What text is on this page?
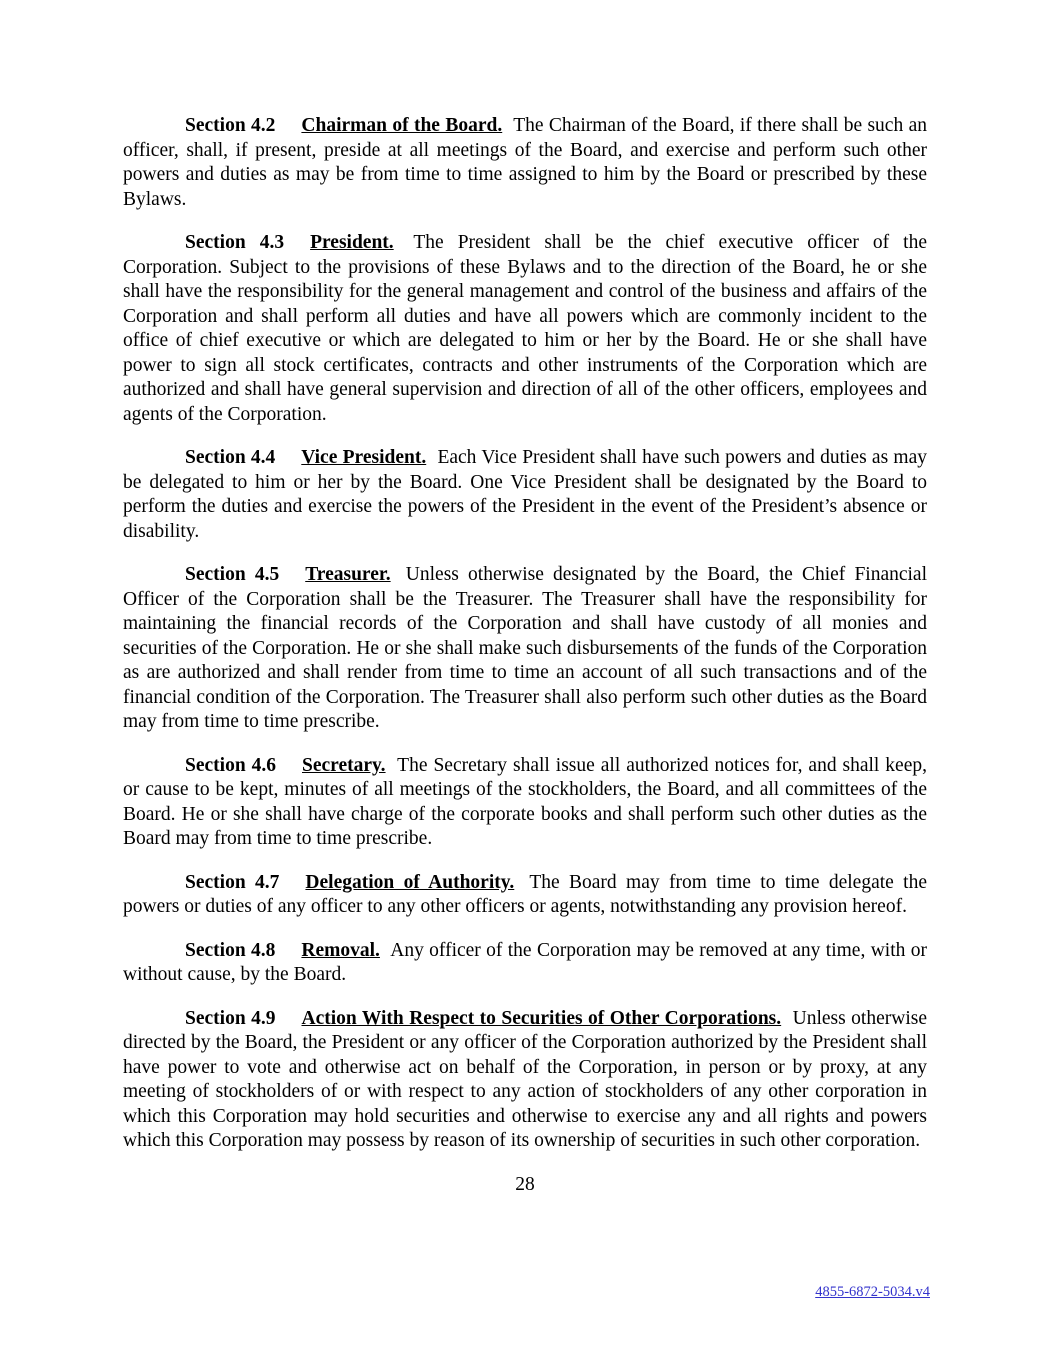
Section 4.2 Chairman of the Board. The Chairman of the Board, if there shall be such an officer, shall, if present, preside at all meetings of the Board, and exercise and perform such other powers and duties as may be from time to time assigned to him by the Board or prescribed by these Bylaws.

Section 4.3 President. The President shall be the chief executive officer of the Corporation. Subject to the provisions of these Bylaws and to the direction of the Board, he or she shall have the responsibility for the general management and control of the business and affairs of the Corporation and shall perform all duties and have all powers which are commonly incident to the office of chief executive or which are delegated to him or her by the Board. He or she shall have power to sign all stock certificates, contracts and other instruments of the Corporation which are authorized and shall have general supervision and direction of all of the other officers, employees and agents of the Corporation.

Section 4.4 Vice President. Each Vice President shall have such powers and duties as may be delegated to him or her by the Board. One Vice President shall be designated by the Board to perform the duties and exercise the powers of the President in the event of the President’s absence or disability.

Section 4.5 Treasurer. Unless otherwise designated by the Board, the Chief Financial Officer of the Corporation shall be the Treasurer. The Treasurer shall have the responsibility for maintaining the financial records of the Corporation and shall have custody of all monies and securities of the Corporation. He or she shall make such disbursements of the funds of the Corporation as are authorized and shall render from time to time an account of all such transactions and of the financial condition of the Corporation. The Treasurer shall also perform such other duties as the Board may from time to time prescribe.

Section 4.6 Secretary. The Secretary shall issue all authorized notices for, and shall keep, or cause to be kept, minutes of all meetings of the stockholders, the Board, and all committees of the Board. He or she shall have charge of the corporate books and shall perform such other duties as the Board may from time to time prescribe.

Section 4.7 Delegation of Authority. The Board may from time to time delegate the powers or duties of any officer to any other officers or agents, notwithstanding any provision hereof.

Section 4.8 Removal. Any officer of the Corporation may be removed at any time, with or without cause, by the Board.

Section 4.9 Action With Respect to Securities of Other Corporations. Unless otherwise directed by the Board, the President or any officer of the Corporation authorized by the President shall have power to vote and otherwise act on behalf of the Corporation, in person or by proxy, at any meeting of stockholders of or with respect to any action of stockholders of any other corporation in which this Corporation may hold securities and otherwise to exercise any and all rights and powers which this Corporation may possess by reason of its ownership of securities in such other corporation.

28

4855-6872-5034.v4
